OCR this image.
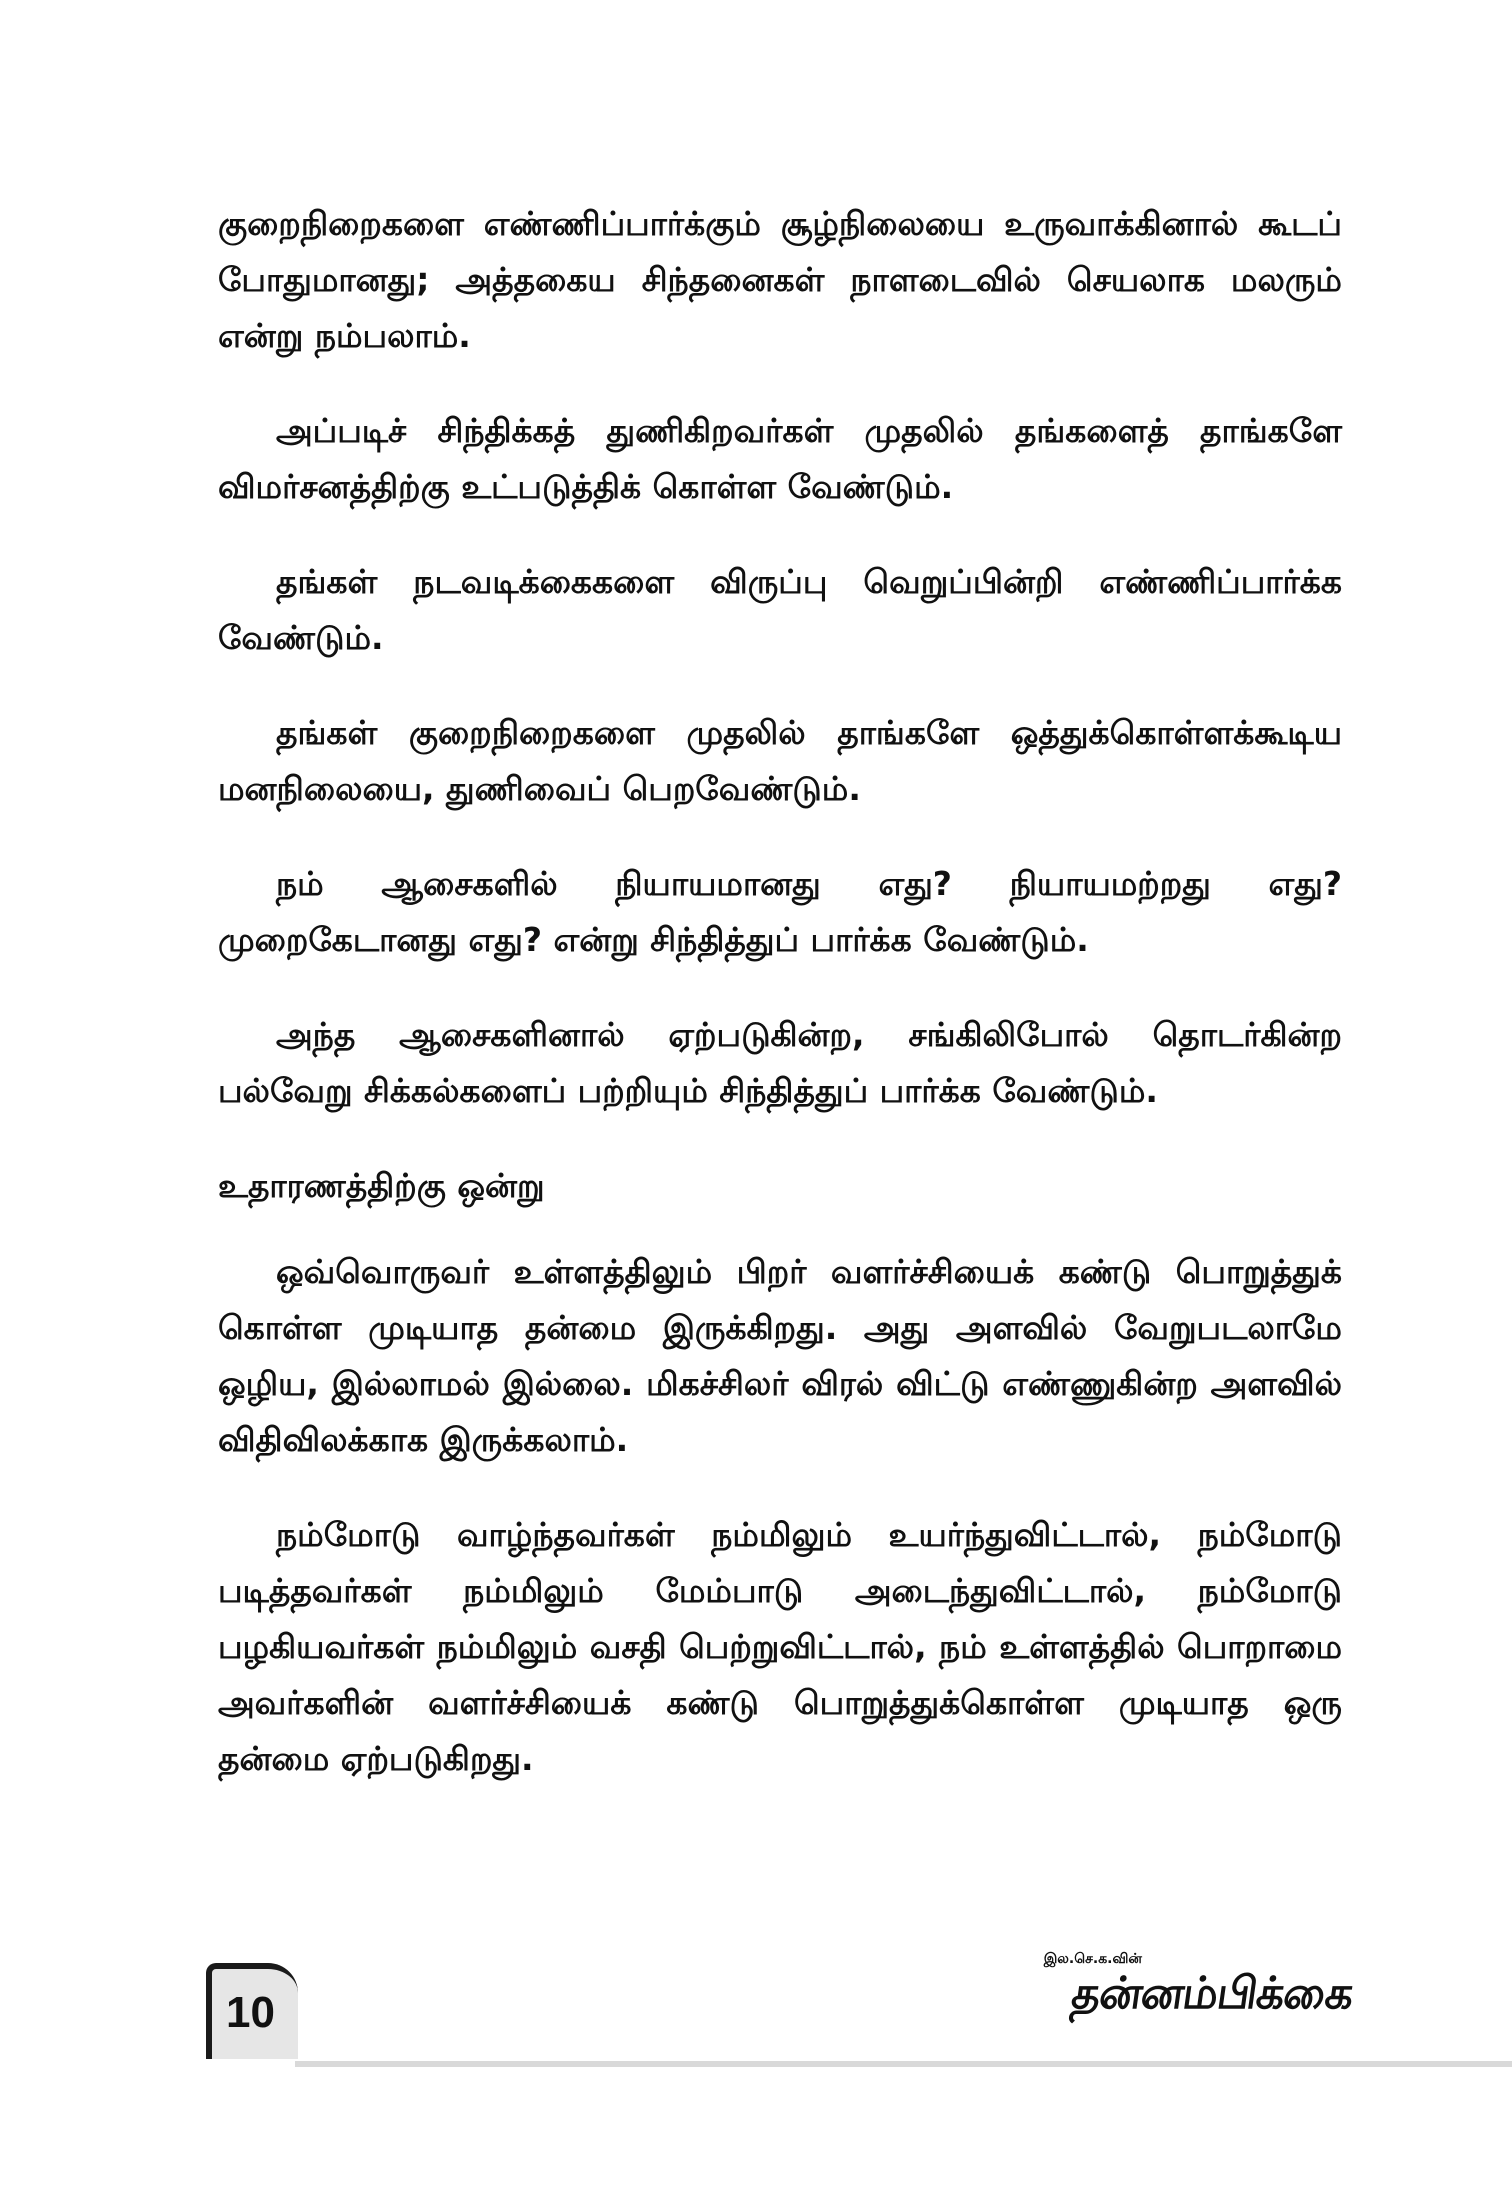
குறைநிறைகளை எண்ணிப்பார்க்கும் சூழ்நிலையை உருவாக்கினால் கூடப் போதுமானது; அத்தகைய சிந்தனைகள் நாளடைவில் செயலாக மலரும் என்று நம்பலாம்.

அப்படிச் சிந்திக்கத் துணிகிறவர்கள் முதலில் தங்களைத் தாங்களே விமர்சனத்திற்கு உட்படுத்திக் கொள்ள வேண்டும்.

தங்கள் நடவடிக்கைகளை விருப்பு வெறுப்பின்றி எண்ணிப்பார்க்க வேண்டும்.

தங்கள் குறைநிறைகளை முதலில் தாங்களே ஒத்துக்கொள்ளக்கூடிய மனநிலையை, துணிவைப் பெறவேண்டும்.

நம் ஆசைகளில் நியாயமானது எது? நியாயமற்றது எது? முறைகேடானது எது? என்று சிந்தித்துப் பார்க்க வேண்டும்.

அந்த ஆசைகளினால் ஏற்படுகின்ற, சங்கிலிபோல் தொடர்கின்ற பல்வேறு சிக்கல்களைப் பற்றியும் சிந்தித்துப் பார்க்க வேண்டும்.

உதாரணத்திற்கு ஒன்று

ஒவ்வொருவர் உள்ளத்திலும் பிறர் வளர்ச்சியைக் கண்டு பொறுத்துக் கொள்ள முடியாத தன்மை இருக்கிறது. அது அளவில் வேறுபடலாமே ஒழிய, இல்லாமல் இல்லை. மிகச்சிலர் விரல் விட்டு எண்ணுகின்ற அளவில் விதிவிலக்காக இருக்கலாம்.

நம்மோடு வாழ்ந்தவர்கள் நம்மிலும் உயர்ந்துவிட்டால், நம்மோடு படித்தவர்கள் நம்மிலும் மேம்பாடு அடைந்துவிட்டால், நம்மோடு பழகியவர்கள் நம்மிலும் வசதி பெற்றுவிட்டால், நம் உள்ளத்தில் பொறாமை அவர்களின் வளர்ச்சியைக் கண்டு பொறுத்துக்கொள்ள முடியாத ஒரு தன்மை ஏற்படுகிறது.

10
இல.செ.க.வின்
தன்னம்பிக்கை
